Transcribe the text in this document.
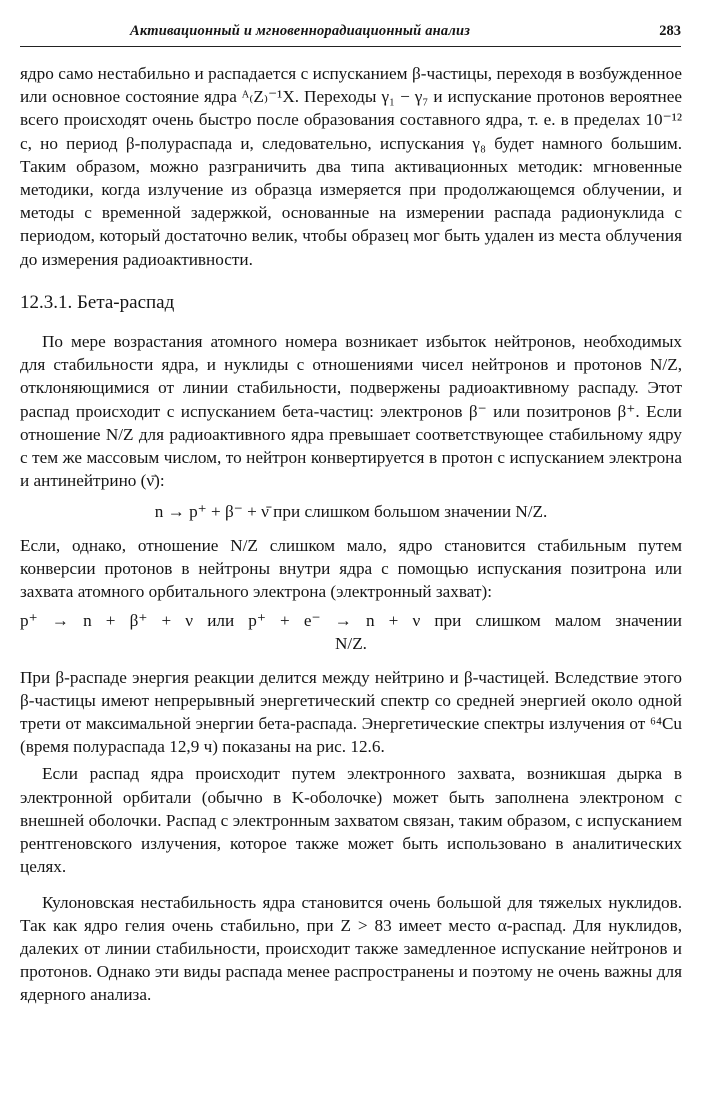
Активационный и мгновеннорадиационный анализ	283

ядро само нестабильно и распадается с испусканием β-частицы, переходя в возбужденное или основное состояние ядра ᴬ₍Z₎⁻¹X. Переходы γ₁ − γ₇ и испускание протонов вероятнее всего происходят очень быстро после образования составного ядра, т. е. в пределах 10⁻¹² с, но период β-полураспада и, следовательно, испускания γ₈ будет намного большим. Таким образом, можно разграничить два типа активационных методик: мгновенные методики, когда излучение из образца измеряется при продолжающемся облучении, и методы с временной задержкой, основанные на измерении распада радионуклида с периодом, который достаточно велик, чтобы образец мог быть удален из места облучения до измерения радиоактивности.

12.3.1. Бета-распад

По мере возрастания атомного номера возникает избыток нейтронов, необходимых для стабильности ядра, и нуклиды с отношениями чисел нейтронов и протонов N/Z, отклоняющимися от линии стабильности, подвержены радиоактивному распаду. Этот распад происходит с испусканием бета-частиц: электронов β⁻ или позитронов β⁺. Если отношение N/Z для радиоактивного ядра превышает соответствующее стабильному ядру с тем же массовым числом, то нейтрон конвертируется в протон с испусканием электрона и антинейтрино (ν̄):

n → p⁺ + β⁻ + ν̄ при слишком большом значении N/Z.

Если, однако, отношение N/Z слишком мало, ядро становится стабильным путем конверсии протонов в нейтроны внутри ядра с помощью испускания позитрона или захвата атомного орбитального электрона (электронный захват):

p⁺ → n + β⁺ + ν или p⁺ + e⁻ → n + ν при слишком малом значении
N/Z.

При β-распаде энергия реакции делится между нейтрино и β-частицей. Вследствие этого β-частицы имеют непрерывный энергетический спектр со средней энергией около одной трети от максимальной энергии бета-распада. Энергетические спектры излучения от ⁶⁴Cu (время полураспада 12,9 ч) показаны на рис. 12.6.

Если распад ядра происходит путем электронного захвата, возникшая дырка в электронной орбитали (обычно в K-оболочке) может быть заполнена электроном с внешней оболочки. Распад с электронным захватом связан, таким образом, с испусканием рентгеновского излучения, которое также может быть использовано в аналитических целях.

Кулоновская нестабильность ядра становится очень большой для тяжелых нуклидов. Так как ядро гелия очень стабильно, при Z > 83 имеет место α-распад. Для нуклидов, далеких от линии стабильности, происходит также замедленное испускание нейтронов и протонов. Однако эти виды распада менее распространены и поэтому не очень важны для ядерного анализа.
